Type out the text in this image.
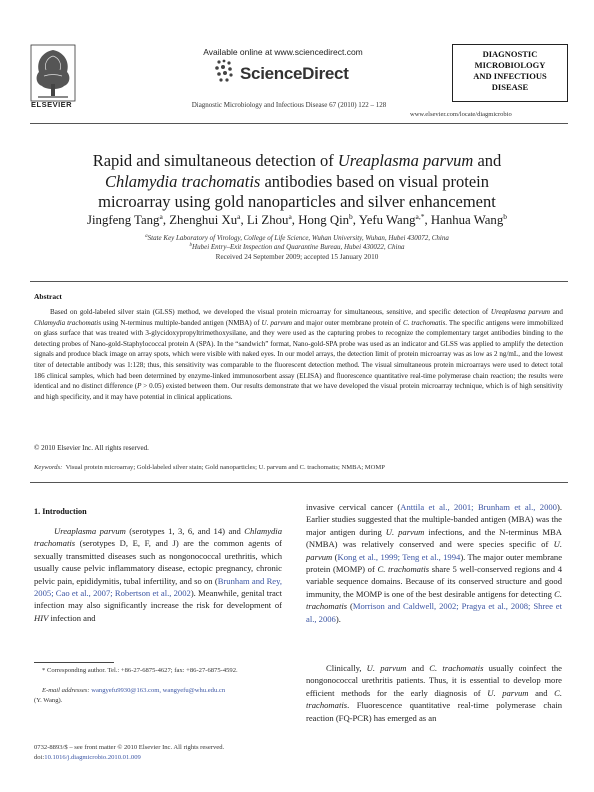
ELSEVIER
Available online at www.sciencedirect.com
ScienceDirect
Diagnostic Microbiology and Infectious Disease 67 (2010) 122 – 128
DIAGNOSTIC
MICROBIOLOGY
AND INFECTIOUS
DISEASE
www.elsevier.com/locate/diagmicrobio
Rapid and simultaneous detection of Ureaplasma parvum and
Chlamydia trachomatis antibodies based on visual protein
microarray using gold nanoparticles and silver enhancement
Jingfeng Tang$^a$, Zhenghui Xu$^a$, Li Zhou$^a$, Hong Qin$^b$, Yefu Wang$^{a,*}$, Hanhua Wang$^b$
$^a$State Key Laboratory of Virology, College of Life Science, Wuhan University, Wuhan, Hubei 430072, China
$^b$Hubei Entry–Exit Inspection and Quarantine Bureau, Hubei 430022, China
Received 24 September 2009; accepted 15 January 2010
Abstract
Based on gold-labeled silver stain (GLSS) method, we developed the visual protein microarray for simultaneous, sensitive, and specific detection of Ureaplasma parvum and Chlamydia trachomatis using N-terminus multiple-banded antigen (NMBA) of U. parvum and major outer membrane protein of C. trachomatis. The specific antigens were immobilized on glass surface that was treated with 3-glycidoxypropyltrimethoxysilane, and they were used as the capturing probes to recognize the complementary target antibodies binding to the detecting probes of Nano-gold-Staphylococcal protein A (SPA). In the “sandwich” format, Nano-gold-SPA probe was used as an indicator and GLSS was applied to amplify the detection signals and produce black image on array spots, which were visible with naked eyes. In our model arrays, the detection limit of protein microarray was as low as 2 ng/mL, and the lowest titer of detectable antibody was 1:128; thus, this sensitivity was comparable to the fluorescent detection method. The visual simultaneous protein microarrays were used to detect total 186 clinical samples, which had been determined by enzyme-linked immunosorbent assay (ELISA) and fluorescence quantitative real-time polymerase chain reaction; the results were identical and no distinct difference (P > 0.05) existed between them. Our results demonstrate that we have developed the visual protein microarray technique, which is of high sensitivity and high specificity, and it may have potential in clinical applications.
© 2010 Elsevier Inc. All rights reserved.
Keywords: Visual protein microarray; Gold-labeled silver stain; Gold nanoparticles; U. parvum and C. trachomatis; NMBA; MOMP
1. Introduction
Ureaplasma parvum (serotypes 1, 3, 6, and 14) and Chlamydia trachomatis (serotypes D, E, F, and J) are the common agents of sexually transmitted diseases such as nongonococcal urethritis, which usually cause pelvic inflammatory disease, ectopic pregnancy, chronic pelvic pain, epididymitis, tubal infertility, and so on (Brunham and Rey, 2005; Cao et al., 2007; Robertson et al., 2002). Meanwhile, genital tract infection may also significantly increase the risk for development of HIV infection and
invasive cervical cancer (Anttila et al., 2001; Brunham et al., 2000). Earlier studies suggested that the multiple-banded antigen (MBA) was the major antigen during U. parvum infections, and the N-terminus MBA (NMBA) was relatively conserved and were species specific of U. parvum (Kong et al., 1999; Teng et al., 1994). The major outer membrane protein (MOMP) of C. trachomatis share 5 well-conserved regions and 4 variable sequence domains. Because of its conserved structure and good immunity, the MOMP is one of the best desirable antigens for detecting C. trachomatis (Morrison and Caldwell, 2002; Pragya et al., 2008; Shree et al., 2006).
Clinically, U. parvum and C. trachomatis usually coinfect the nongonococcal urethritis patients. Thus, it is essential to develop more efficient methods for the early diagnosis of U. parvum and C. trachomatis. Fluorescence quantitative real-time polymerase chain reaction (FQ-PCR) has emerged as an
* Corresponding author. Tel.: +86-27-6875-4627; fax: +86-27-6875-4592.
E-mail addresses: wangyefu9930@163.com, wangyefu@whu.edu.cn
(Y. Wang).
0732-8893/$ – see front matter © 2010 Elsevier Inc. All rights reserved.
doi:10.1016/j.diagmicrobio.2010.01.009
